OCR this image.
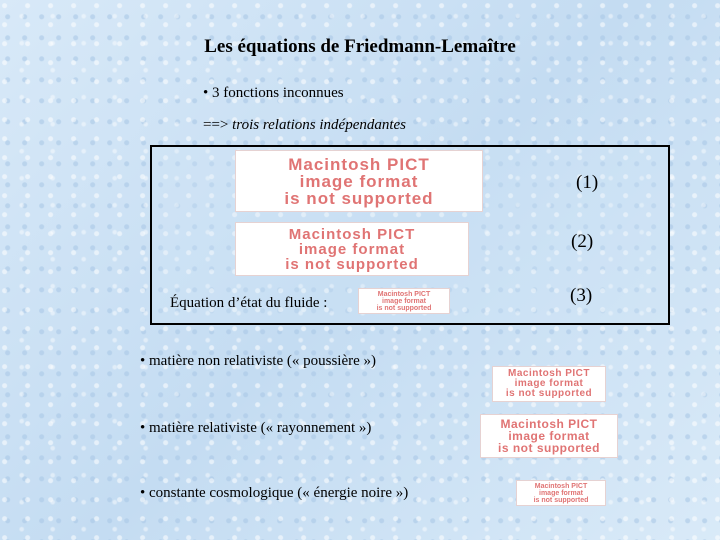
Les équations de Friedmann-Lemaître
• 3 fonctions inconnues
==> trois relations indépendantes
Macintosh PICT
image format
is not supported
(1)
Macintosh PICT
image format
is not supported
(2)
Équation d’état du fluide :
Macintosh PICT
image format
is not supported
(3)
• matière non relativiste (« poussière »)
Macintosh PICT
image format
is not supported
• matière relativiste (« rayonnement »)	Macintosh PICT
image format
is not supported
• constante cosmologique (« énergie noire »)	Macintosh PICT
image format
is not supported
